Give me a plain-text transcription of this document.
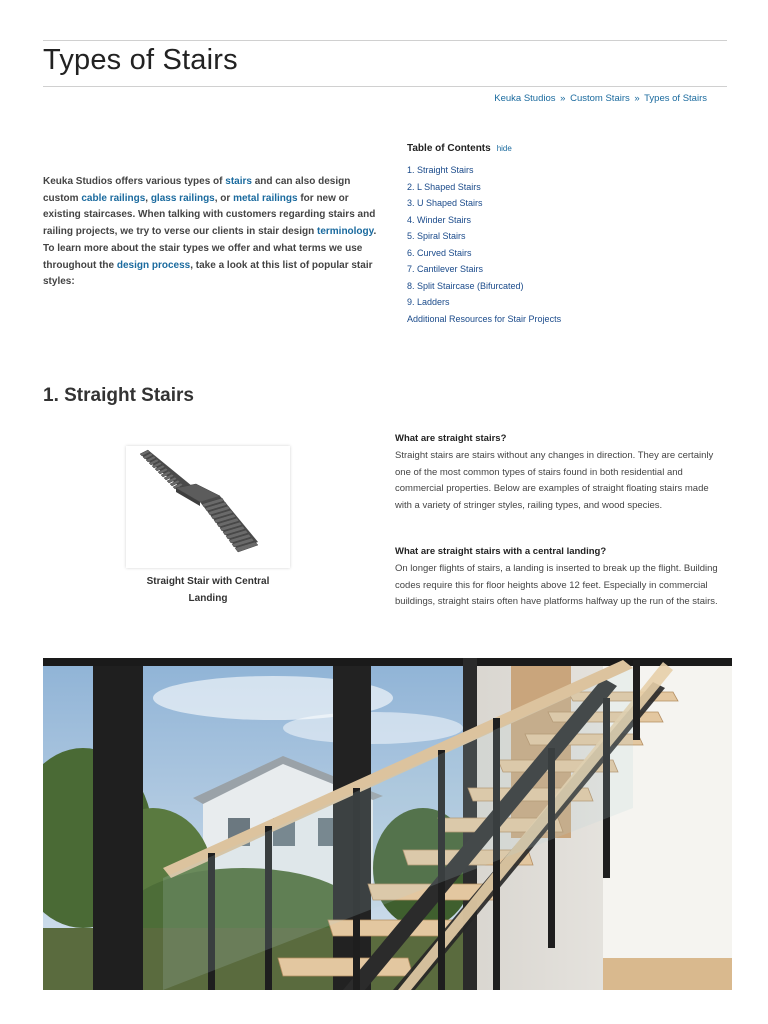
Types of Stairs
Keuka Studios » Custom Stairs » Types of Stairs
Keuka Studios offers various types of stairs and can also design custom cable railings, glass railings, or metal railings for new or existing staircases. When talking with customers regarding stairs and railing projects, we try to verse our clients in stair design terminology. To learn more about the stair types we offer and what terms we use throughout the design process, take a look at this list of popular stair styles:
Table of Contents hide
1. Straight Stairs
2. L Shaped Stairs
3. U Shaped Stairs
4. Winder Stairs
5. Spiral Stairs
6. Curved Stairs
7. Cantilever Stairs
8. Split Staircase (Bifurcated)
9. Ladders
Additional Resources for Stair Projects
1. Straight Stairs
Straight Stair with Central Landing
What are straight stairs?
Straight stairs are stairs without any changes in direction. They are certainly one of the most common types of stairs found in both residential and commercial properties. Below are examples of straight floating stairs made with a variety of stringer styles, railing types, and wood species.
What are straight stairs with a central landing?
On longer flights of stairs, a landing is inserted to break up the flight. Building codes require this for floor heights above 12 feet. Especially in commercial buildings, straight stairs often have platforms halfway up the run of the stairs.
